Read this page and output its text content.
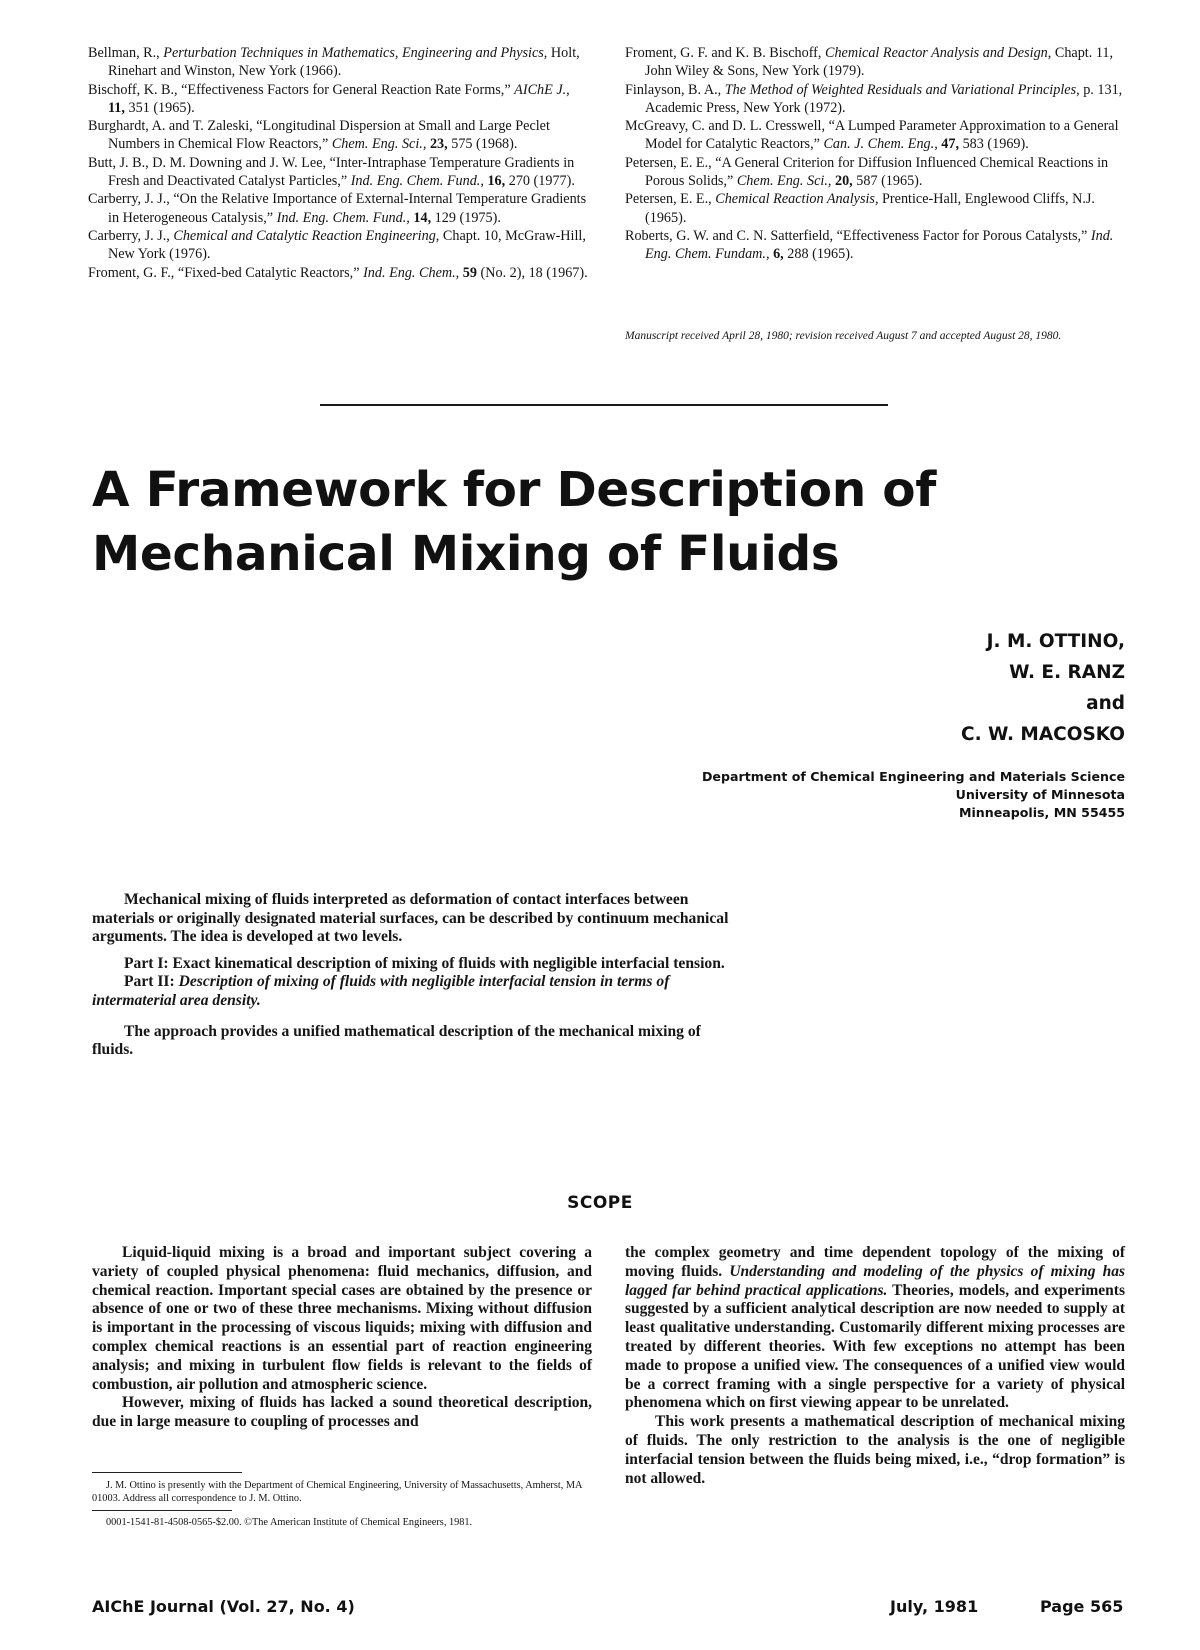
Bellman, R., Perturbation Techniques in Mathematics, Engineering and Physics, Holt, Rinehart and Winston, New York (1966).

Bischoff, K. B., “Effectiveness Factors for General Reaction Rate Forms,” AIChE J., 11, 351 (1965).

Burghardt, A. and T. Zaleski, “Longitudinal Dispersion at Small and Large Peclet Numbers in Chemical Flow Reactors,” Chem. Eng. Sci., 23, 575 (1968).

Butt, J. B., D. M. Downing and J. W. Lee, “Inter-Intraphase Temperature Gradients in Fresh and Deactivated Catalyst Particles,” Ind. Eng. Chem. Fund., 16, 270 (1977).

Carberry, J. J., “On the Relative Importance of External-Internal Temperature Gradients in Heterogeneous Catalysis,” Ind. Eng. Chem. Fund., 14, 129 (1975).

Carberry, J. J., Chemical and Catalytic Reaction Engineering, Chapt. 10, McGraw-Hill, New York (1976).

Froment, G. F., “Fixed-bed Catalytic Reactors,” Ind. Eng. Chem., 59 (No. 2), 18 (1967).

Froment, G. F. and K. B. Bischoff, Chemical Reactor Analysis and Design, Chapt. 11, John Wiley & Sons, New York (1979).

Finlayson, B. A., The Method of Weighted Residuals and Variational Principles, p. 131, Academic Press, New York (1972).

McGreavy, C. and D. L. Cresswell, “A Lumped Parameter Approximation to a General Model for Catalytic Reactors,” Can. J. Chem. Eng., 47, 583 (1969).

Petersen, E. E., “A General Criterion for Diffusion Influenced Chemical Reactions in Porous Solids,” Chem. Eng. Sci., 20, 587 (1965).

Petersen, E. E., Chemical Reaction Analysis, Prentice-Hall, Englewood Cliffs, N.J. (1965).

Roberts, G. W. and C. N. Satterfield, “Effectiveness Factor for Porous Catalysts,” Ind. Eng. Chem. Fundam., 6, 288 (1965).

Manuscript received April 28, 1980; revision received August 7 and accepted August 28, 1980.
A Framework for Description of Mechanical Mixing of Fluids
J. M. OTTINO,
W. E. RANZ
and
C. W. MACOSKO
Department of Chemical Engineering and Materials Science
University of Minnesota
Minneapolis, MN 55455

Mechanical mixing of fluids interpreted as deformation of contact interfaces between materials or originally designated material surfaces, can be described by continuum mechanical arguments. The idea is developed at two levels.

Part I: Exact kinematical description of mixing of fluids with negligible interfacial tension.

Part II: Description of mixing of fluids with negligible interfacial tension in terms of intermaterial area density.

The approach provides a unified mathematical description of the mechanical mixing of fluids.

SCOPE

Liquid-liquid mixing is a broad and important subject covering a variety of coupled physical phenomena: fluid mechanics, diffusion, and chemical reaction. Important special cases are obtained by the presence or absence of one or two of these three mechanisms. Mixing without diffusion is important in the processing of viscous liquids; mixing with diffusion and complex chemical reactions is an essential part of reaction engineering analysis; and mixing in turbulent flow fields is relevant to the fields of combustion, air pollution and atmospheric science.

However, mixing of fluids has lacked a sound theoretical description, due in large measure to coupling of processes and

J. M. Ottino is presently with the Department of Chemical Engineering, University of Massachusetts, Amherst, MA 01003. Address all correspondence to J. M. Ottino.
0001-1541-81-4508-0565-$2.00. ©The American Institute of Chemical Engineers, 1981.

the complex geometry and time dependent topology of the mixing of moving fluids. Understanding and modeling of the physics of mixing has lagged far behind practical applications. Theories, models, and experiments suggested by a sufficient analytical description are now needed to supply at least qualitative understanding. Customarily different mixing processes are treated by different theories. With few exceptions no attempt has been made to propose a unified view. The consequences of a unified view would be a correct framing with a single perspective for a variety of physical phenomena which on first viewing appear to be unrelated.

This work presents a mathematical description of mechanical mixing of fluids. The only restriction to the analysis is the one of negligible interfacial tension between the fluids being mixed, i.e., “drop formation” is not allowed.

AIChE Journal (Vol. 27, No. 4)	July, 1981	Page 565
